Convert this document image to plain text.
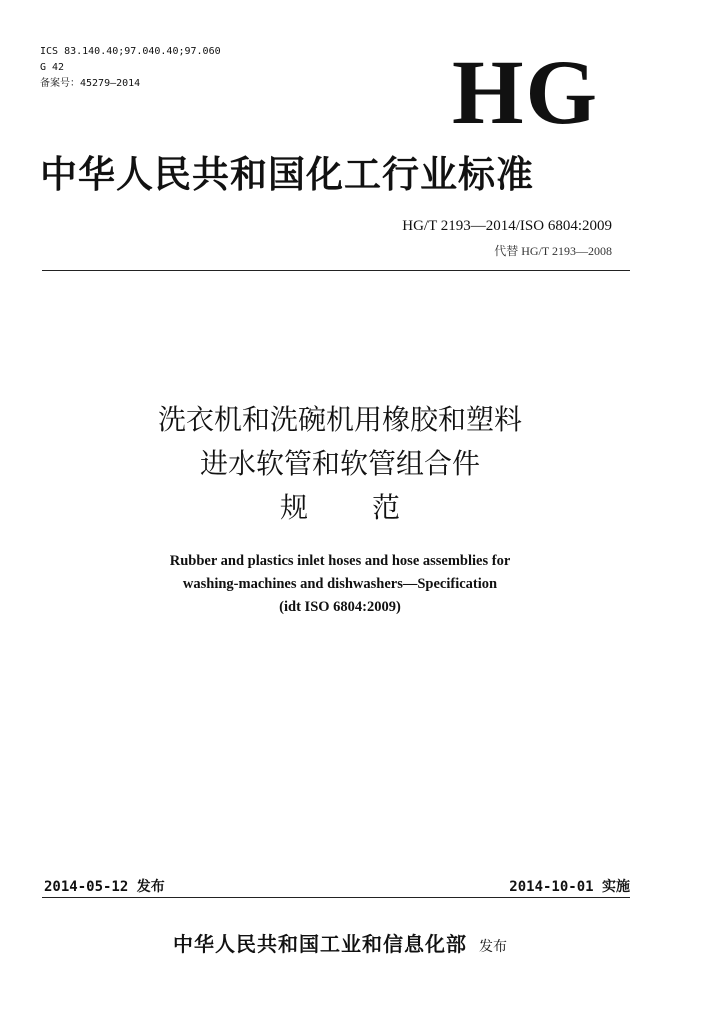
ICS 83.140.40;97.040.40;97.060
G 42
备案号：45279—2014	HG
中华人民共和国化工行业标准
HG/T 2193—2014/ISO 6804:2009
代替 HG/T 2193—2008
洗衣机和洗碗机用橡胶和塑料
进水软管和软管组合件
规范
Rubber and plastics inlet hoses and hose assemblies for
washing-machines and dishwashers—Specification
(idt ISO 6804:2009)
2014-05-12 发布	2014-10-01 实施
中华人民共和国工业和信息化部 发布
